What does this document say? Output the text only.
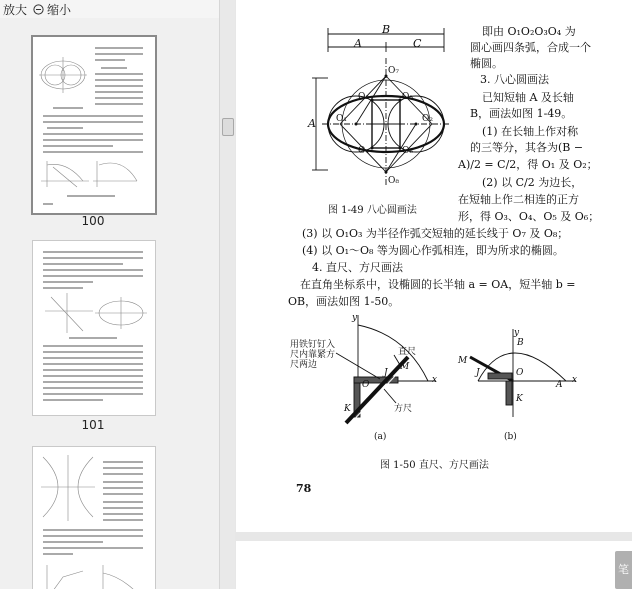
放大 缩小
100
101
B
A	C
A
O₇
O₈
O₅
O₆
O₃
O₄
O₁	O₂
图 1-49 八心圆画法
即由 O₁O₂O₃O₄ 为
圆心画四条弧，合成一个
椭圆。
3. 八心圆画法
已知短轴 A 及长轴
B，画法如图 1-49。
(1) 在长轴上作对称
的三等分，其各为(B −
A)/2 = C/2，得 O₁ 及 O₂；
(2) 以 C/2 为边长，
在短轴上作二相连的正方
形，得 O₃、O₄、O₅ 及 O₆；
(3) 以 O₁O₃ 为半径作弧交短轴的延长线于 O₇ 及 O₈；
(4) 以 O₁～O₈ 等为圆心作弧相连，即为所求的椭圆。
4. 直尺、方尺画法
在直角坐标系中，设椭圆的长半轴 a = OA，短半轴 b =
OB，画法如图 1-50。
用铁钉钉入
尺内靠紧方
尺两边
直尺
方尺
y
x
J
M
K
O
(a)
y
B
M
J	O
A x
K
(b)
图 1-50 直尺、方尺画法
78
笔
